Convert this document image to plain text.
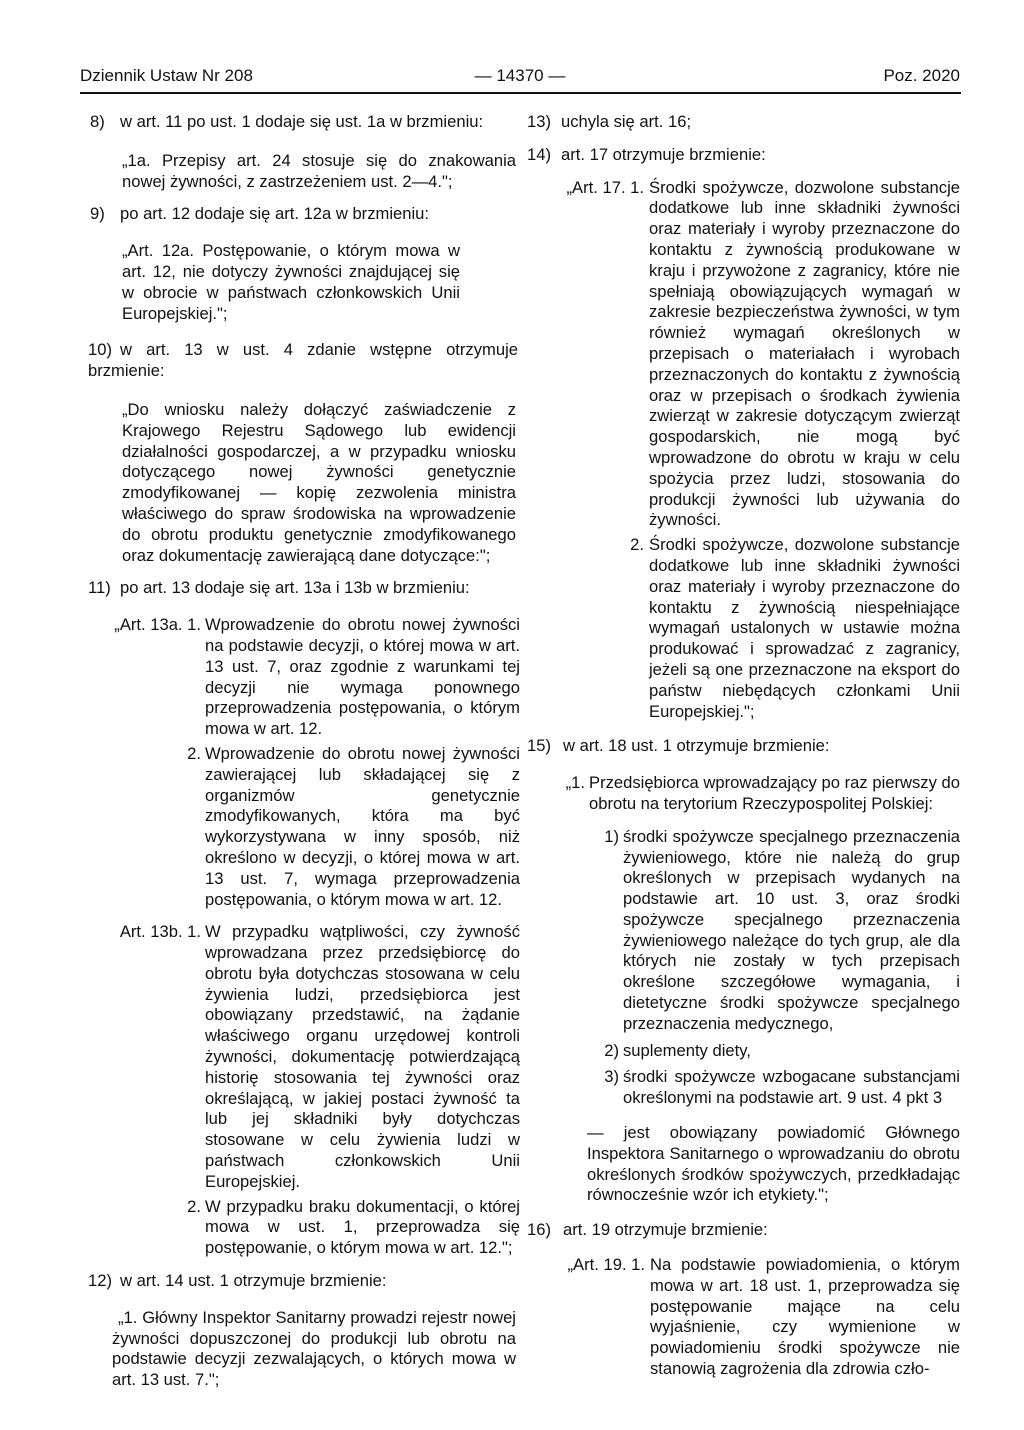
Dziennik Ustaw Nr 208	— 14370 —	Poz. 2020
8) w art. 11 po ust. 1 dodaje się ust. 1a w brzmieniu:
„1a. Przepisy art. 24 stosuje się do znakowania nowej żywności, z zastrzeżeniem ust. 2—4.";
9) po art. 12 dodaje się art. 12a w brzmieniu:
„Art. 12a. Postępowanie, o którym mowa w art. 12, nie dotyczy żywności znajdującej się w obrocie w państwach członkowskich Unii Europejskiej.";
10) w art. 13 w ust. 4 zdanie wstępne otrzymuje brzmienie:
„Do wniosku należy dołączyć zaświadczenie z Krajowego Rejestru Sądowego lub ewidencji działalności gospodarczej, a w przypadku wniosku dotyczącego nowej żywności genetycznie zmodyfikowanej — kopię zezwolenia ministra właściwego do spraw środowiska na wprowadzenie do obrotu produktu genetycznie zmodyfikowanego oraz dokumentację zawierającą dane dotyczące:";
11) po art. 13 dodaje się art. 13a i 13b w brzmieniu:
„Art. 13a. 1. Wprowadzenie do obrotu nowej żywności na podstawie decyzji, o której mowa w art. 13 ust. 7, oraz zgodnie z warunkami tej decyzji nie wymaga ponownego przeprowadzenia postępowania, o którym mowa w art. 12.
2. Wprowadzenie do obrotu nowej żywności zawierającej lub składającej się z organizmów genetycznie zmodyfikowanych, która ma być wykorzystywana w inny sposób, niż określono w decyzji, o której mowa w art. 13 ust. 7, wymaga przeprowadzenia postępowania, o którym mowa w art. 12.
Art. 13b. 1. W przypadku wątpliwości, czy żywność wprowadzana przez przedsiębiorcę do obrotu była dotychczas stosowana w celu żywienia ludzi, przedsiębiorca jest obowiązany przedstawić, na żądanie właściwego organu urzędowej kontroli żywności, dokumentację potwierdzającą historię stosowania tej żywności oraz określającą, w jakiej postaci żywność ta lub jej składniki były dotychczas stosowane w celu żywienia ludzi w państwach członkowskich Unii Europejskiej.
2. W przypadku braku dokumentacji, o której mowa w ust. 1, przeprowadza się postępowanie, o którym mowa w art. 12.";
12) w art. 14 ust. 1 otrzymuje brzmienie:
„1. Główny Inspektor Sanitarny prowadzi rejestr nowej żywności dopuszczonej do produkcji lub obrotu na podstawie decyzji zezwalających, o których mowa w art. 13 ust. 7.";
13) uchyla się art. 16;
14) art. 17 otrzymuje brzmienie:
„Art. 17. 1. Środki spożywcze, dozwolone substancje dodatkowe lub inne składniki żywności oraz materiały i wyroby przeznaczone do kontaktu z żywnością produkowane w kraju i przywożone z zagranicy, które nie spełniają obowiązujących wymagań w zakresie bezpieczeństwa żywności, w tym również wymagań określonych w przepisach o materiałach i wyrobach przeznaczonych do kontaktu z żywnością oraz w przepisach o środkach żywienia zwierząt w zakresie dotyczącym zwierząt gospodarskich, nie mogą być wprowadzone do obrotu w kraju w celu spożycia przez ludzi, stosowania do produkcji żywności lub używania do żywności.
2. Środki spożywcze, dozwolone substancje dodatkowe lub inne składniki żywności oraz materiały i wyroby przeznaczone do kontaktu z żywnością niespełniające wymagań ustalonych w ustawie można produkować i sprowadzać z zagranicy, jeżeli są one przeznaczone na eksport do państw niebędących członkami Unii Europejskiej.";
15) w art. 18 ust. 1 otrzymuje brzmienie:
„1. Przedsiębiorca wprowadzający po raz pierwszy do obrotu na terytorium Rzeczypospolitej Polskiej:
1) środki spożywcze specjalnego przeznaczenia żywieniowego, które nie należą do grup określonych w przepisach wydanych na podstawie art. 10 ust. 3, oraz środki spożywcze specjalnego przeznaczenia żywieniowego należące do tych grup, ale dla których nie zostały w tych przepisach określone szczegółowe wymagania, i dietetyczne środki spożywcze specjalnego przeznaczenia medycznego,
2) suplementy diety,
3) środki spożywcze wzbogacane substancjami określonymi na podstawie art. 9 ust. 4 pkt 3
— jest obowiązany powiadomić Głównego Inspektora Sanitarnego o wprowadzaniu do obrotu określonych środków spożywczych, przedkładając równocześnie wzór ich etykiety.";
16) art. 19 otrzymuje brzmienie:
„Art. 19. 1. Na podstawie powiadomienia, o którym mowa w art. 18 ust. 1, przeprowadza się postępowanie mające na celu wyjaśnienie, czy wymienione w powiadomieniu środki spożywcze nie stanowią zagrożenia dla zdrowia czło-
